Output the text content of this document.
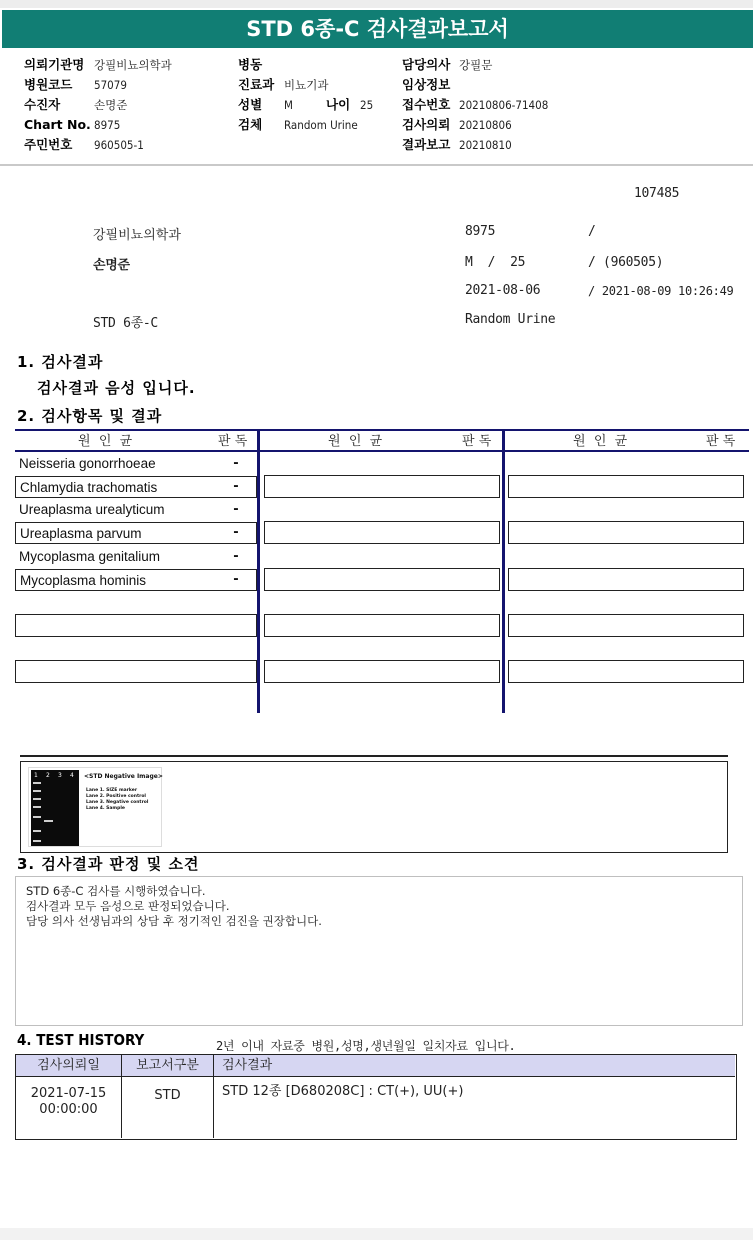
STD 6종-C 검사결과보고서
의뢰기관명 강필비뇨의학과
병원코드 57079
수진자	손명준
Chart No. 8975
주민번호 960505-1
병동
진료과 비뇨기과
성별 M	나이 25
검체 Random Urine
담당의사 강필문
임상정보
접수번호 20210806-71408
검사의뢰 20210806
결과보고 20210810
107485
강필비뇨의학과	8975	/
손명준	M  /  25	/ (960505)
2021-08-06	/ 2021-08-09 10:26:49
STD 6종-C	Random Urine
1. 검사결과
검사결과 음성 입니다.
2. 검사항목 및 결과
원  인  균	판 독	원  인  균	판 독	원  인  균	판 독
Neisseria gonorrhoeae	-
Chlamydia trachomatis	-
Ureaplasma urealyticum	-
Ureaplasma parvum	-
Mycoplasma genitalium	-
Mycoplasma hominis	-
1 2 3 4 <STD Negative Image>
Lane 1. SIZE marker
Lane 2. Positive control
Lane 3. Negative control
Lane 4. Sample
3. 검사결과 판정 및 소견
STD 6종-C 검사를 시행하였습니다.
검사결과 모두 음성으로 판정되었습니다.
담당 의사 선생님과의 상담 후 정기적인 검진을 권장합니다.
4. TEST HISTORY	2년 이내 자료중 병원,성명,생년월일 일치자료 입니다.
검사의뢰일	보고서구분	검사결과
2021-07-15
00:00:00
STD	STD 12종 [D680208C] : CT(+), UU(+)
